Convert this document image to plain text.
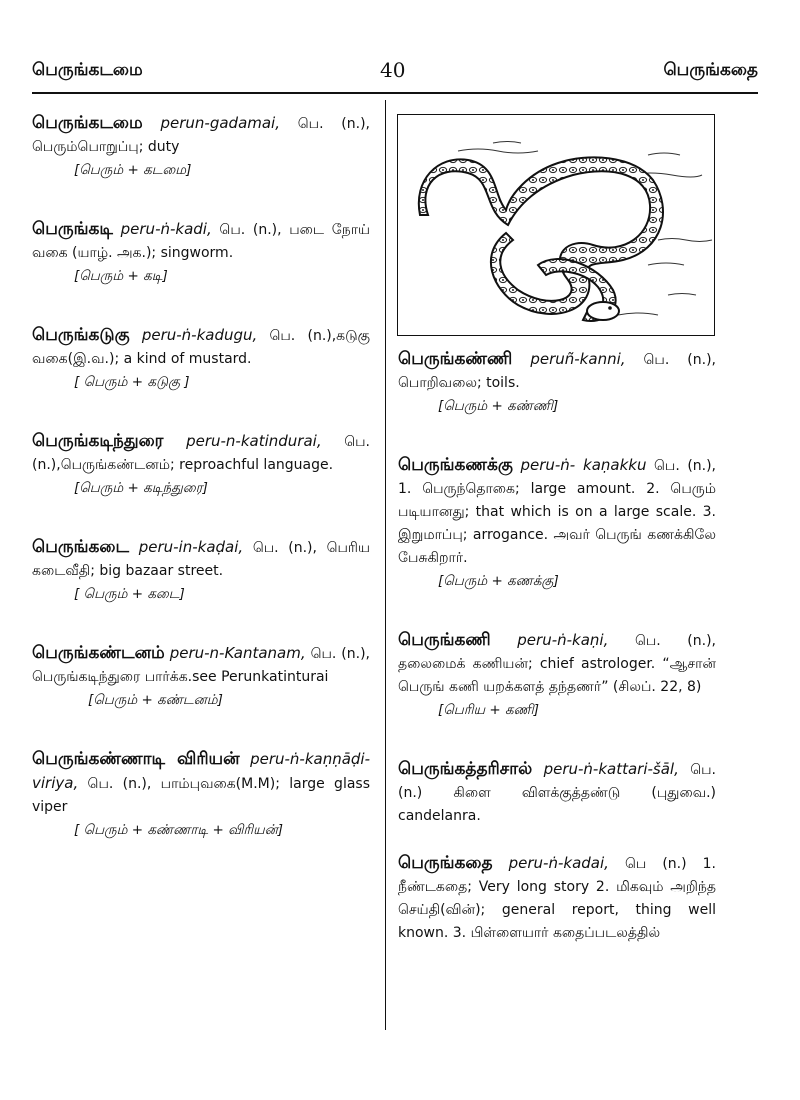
பெருங்கடமை	40	பெருங்கதை

பெருங்கடமை perun-gadamai, பெ. (n.), பெரும்பொறுப்பு; duty

[பெரும் + கடமை]

பெருங்கடி peru-ṅ-kadi, பெ. (n.), படை நோய் வகை (யாழ். அக.); singworm.

[பெரும் + கடி]

பெருங்கடுகு peru-ṅ-kadugu, பெ. (n.),கடுகு வகை(இ.வ.); a kind of mustard.

[ பெரும் + கடுகு ]

பெருங்கடிந்துரை peru-n-katindurai, பெ. (n.),பெருங்கண்டனம்; reproachful language.

[பெரும் + கடிந்துரை]

பெருங்கடை peru-in-kaḍai, பெ. (n.), பெரிய கடைவீதி; big bazaar street.

[ பெரும் + கடை]

பெருங்கண்டனம் peru-n-Kantanam, பெ. (n.), பெருங்கடிந்துரை பார்க்க.see Perunkatinturai

[பெரும் + கண்டனம்]

பெருங்கண்ணாடி விரியன் peru-ṅ-kaṇṇāḍi- viriya, பெ. (n.), பாம்புவகை(M.M); large glass viper

[ பெரும் + கண்ணாடி + விரியன்]

பெருங்கண்ணி peruñ-kanni, பெ. (n.), பொறிவலை; toils.

[பெரும் + கண்ணி]

பெருங்கணக்கு peru-ṅ- kaṇakku பெ. (n.), 1. பெருந்தொகை; large amount. 2. பெரும் படியானது; that which is on a large scale. 3. இறுமாப்பு; arrogance. அவர் பெருங் கணக்கிலே பேசுகிறார்.

[பெரும் + கணக்கு]

பெருங்கணி peru-ṅ-kaṇi, பெ. (n.), தலைமைக் கணியன்; chief astrologer. “ஆசான் பெருங் கணி யறக்களத் தந்தணர்” (சிலப். 22, 8)

[பெரிய + கணி]

பெருங்கத்தரிசால் peru-ṅ-kattari-šāl, பெ. (n.) கிளை விளக்குத்தண்டு (புதுவை.) candelanra.

பெருங்கதை peru-ṅ-kadai, பெ (n.) 1. நீண்டகதை; Very long story 2. மிகவும் அறிந்த செய்தி(வின்); general report, thing well known. 3. பிள்ளையார் கதைப்படலத்தில்
